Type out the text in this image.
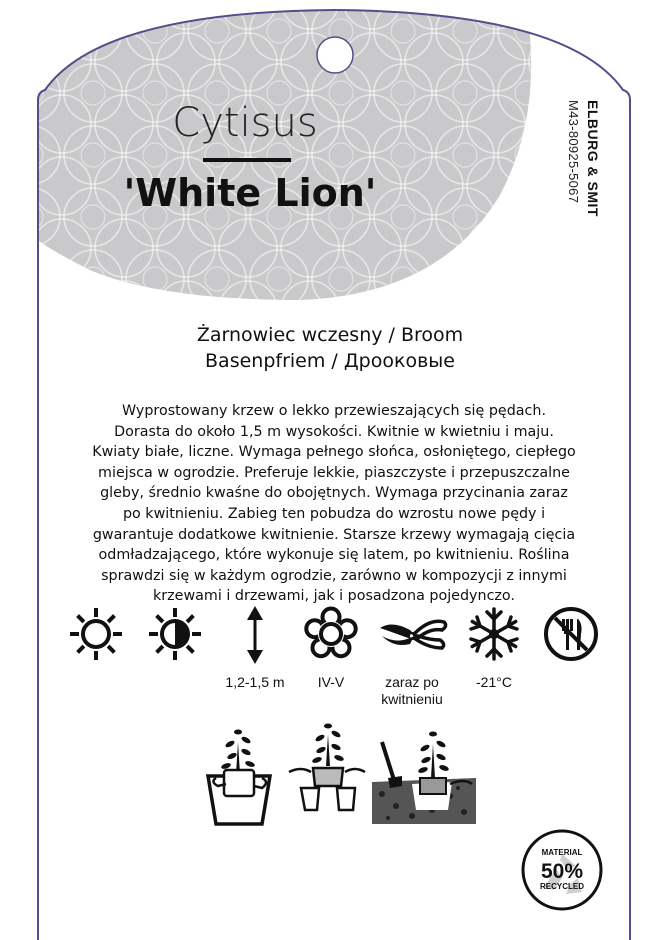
Cytisus
'White Lion'	ELBURG & SMIT
M43-80925-5067
Żarnowiec wczesny / Broom
Basenpfriem / Дрооковые
Wyprostowany krzew o lekko przewieszających się pędach.
Dorasta do około 1,5 m wysokości. Kwitnie w kwietniu i maju.
Kwiaty białe, liczne. Wymaga pełnego słońca, osłoniętego, ciepłego
miejsca w ogrodzie. Preferuje lekkie, piaszczyste i przepuszczalne
gleby, średnio kwaśne do obojętnych. Wymaga przycinania zaraz
po kwitnieniu. Zabieg ten pobudza do wzrostu nowe pędy i
gwarantuje dodatkowe kwitnienie. Starsze krzewy wymagają cięcia
odmładzającego, które wykonuje się latem, po kwitnieniu. Roślina
sprawdzi się w każdym ogrodzie, zarówno w kompozycji z innymi
krzewami i drzewami, jak i posadzona pojedynczo.
1,2-1,5 m	IV-V	zaraz po
kwitnieniu
-21°C
MATERIAL
50%
RECYCLED
